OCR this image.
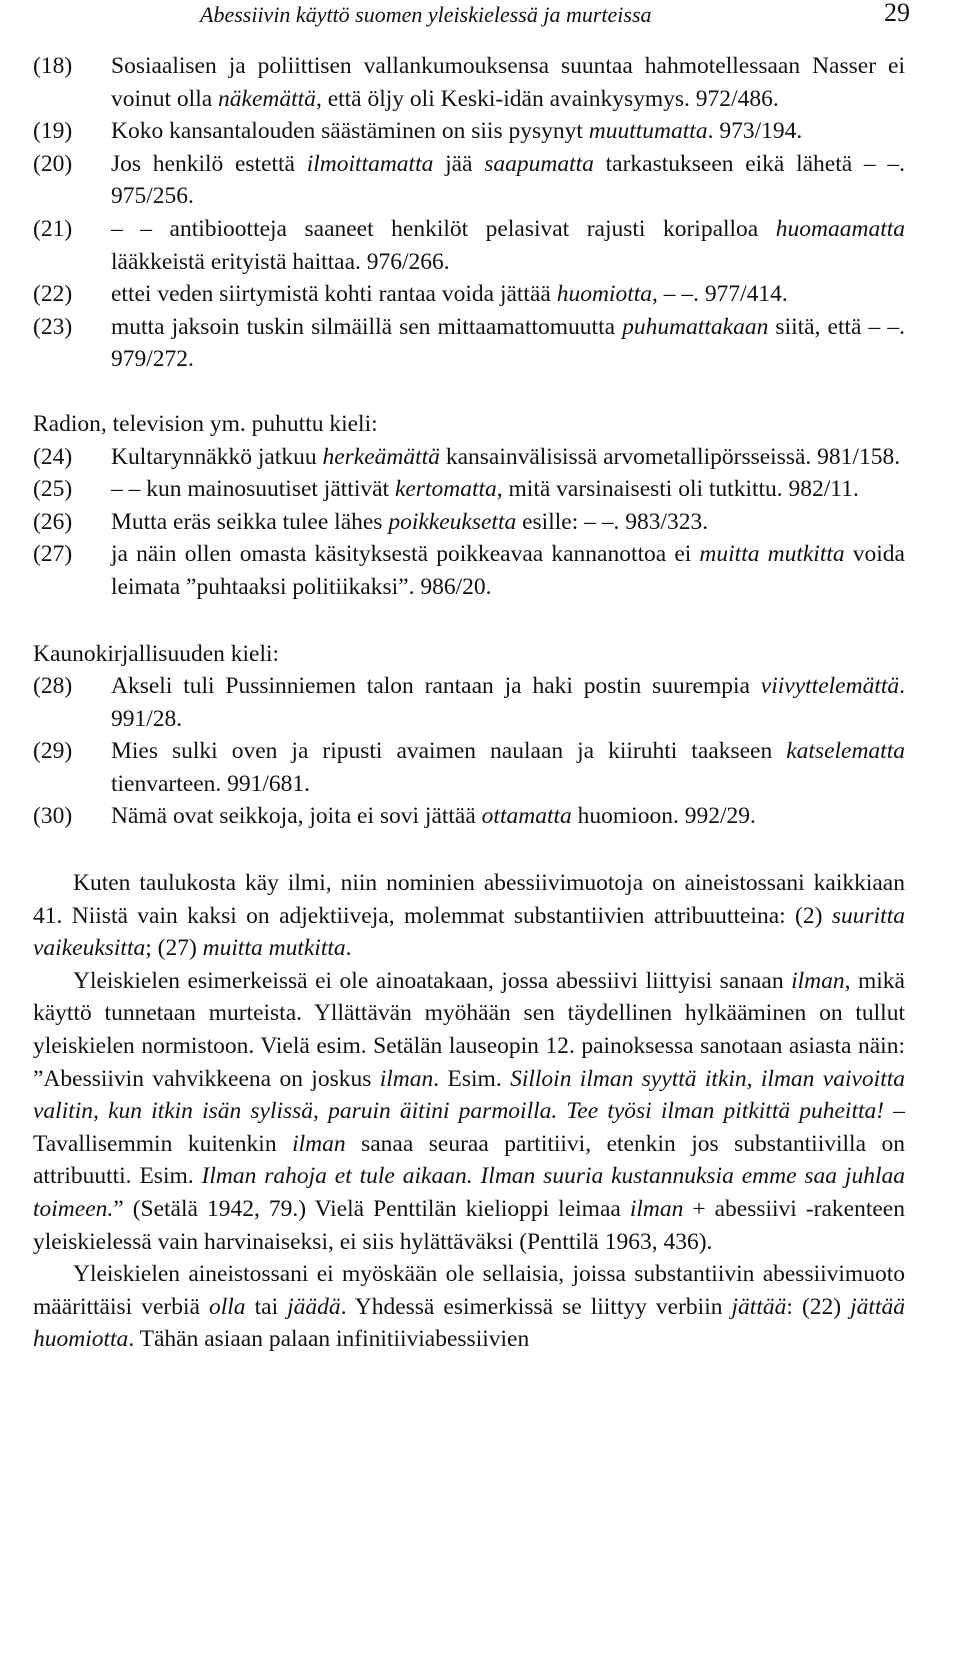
Abessiivin käyttö suomen yleiskielessä ja murteissa	29
(18)	Sosiaalisen ja poliittisen vallankumouksensa suuntaa hahmotellessaan Nasser ei voinut olla näkemättä, että öljy oli Keski-idän avainkysymys. 972/486.
(19)	Koko kansantalouden säästäminen on siis pysynyt muuttumatta. 973/194.
(20)	Jos henkilö estettä ilmoittamatta jää saapumatta tarkastukseen eikä lähetä – –. 975/256.
(21)	– – antibiootteja saaneet henkilöt pelasivat rajusti koripalloa huomaamatta lääkkeistä erityistä haittaa. 976/266.
(22)	ettei veden siirtymistä kohti rantaa voida jättää huomiotta, – –. 977/414.
(23)	mutta jaksoin tuskin silmäillä sen mittaamattomuutta puhumattakaan siitä, että – –. 979/272.
Radion, television ym. puhuttu kieli:
(24)	Kultarynnäkkö jatkuu herkeämättä kansainvälisissä arvometallipörsseissä. 981/158.
(25)	– – kun mainosuutiset jättivät kertomatta, mitä varsinaisesti oli tutkittu. 982/11.
(26)	Mutta eräs seikka tulee lähes poikkeuksetta esille: – –. 983/323.
(27)	ja näin ollen omasta käsityksestä poikkeavaa kannanottoa ei muitta mutkitta voida leimata ”puhtaaksi politiikaksi”. 986/20.
Kaunokirjallisuuden kieli:
(28)	Akseli tuli Pussinniemen talon rantaan ja haki postin suurempia viivyttelemättä. 991/28.
(29)	Mies sulki oven ja ripusti avaimen naulaan ja kiiruhti taakseen katselematta tienvarteen. 991/681.
(30)	Nämä ovat seikkoja, joita ei sovi jättää ottamatta huomioon. 992/29.

Kuten taulukosta käy ilmi, niin nominien abessiivimuotoja on aineistossani kaikkiaan 41. Niistä vain kaksi on adjektiiveja, molemmat substantiivien attribuutteina: (2) suuritta vaikeuksitta; (27) muitta mutkitta.

Yleiskielen esimerkeissä ei ole ainoatakaan, jossa abessiivi liittyisi sanaan ilman, mikä käyttö tunnetaan murteista. Yllättävän myöhään sen täydellinen hylkääminen on tullut yleiskielen normistoon. Vielä esim. Setälän lauseopin 12. painoksessa sanotaan asiasta näin: ”Abessiivin vahvikkeena on joskus ilman. Esim. Silloin ilman syyttä itkin, ilman vaivoitta valitin, kun itkin isän sylissä, paruin äitini parmoilla. Tee työsi ilman pitkittä puheitta! – Tavallisemmin kuitenkin ilman sanaa seuraa partitiivi, etenkin jos substantiivilla on attribuutti. Esim. Ilman rahoja et tule aikaan. Ilman suuria kustannuksia emme saa juhlaa toimeen.” (Setälä 1942, 79.) Vielä Penttilän kielioppi leimaa ilman + abessiivi -rakenteen yleiskielessä vain harvinaiseksi, ei siis hylättäväksi (Penttilä 1963, 436).

Yleiskielen aineistossani ei myöskään ole sellaisia, joissa substantiivin abessiivimuoto määrittäisi verbiä olla tai jäädä. Yhdessä esimerkissä se liittyy verbiin jättää: (22) jättää huomiotta. Tähän asiaan palaan infinitiiviabessiivien
